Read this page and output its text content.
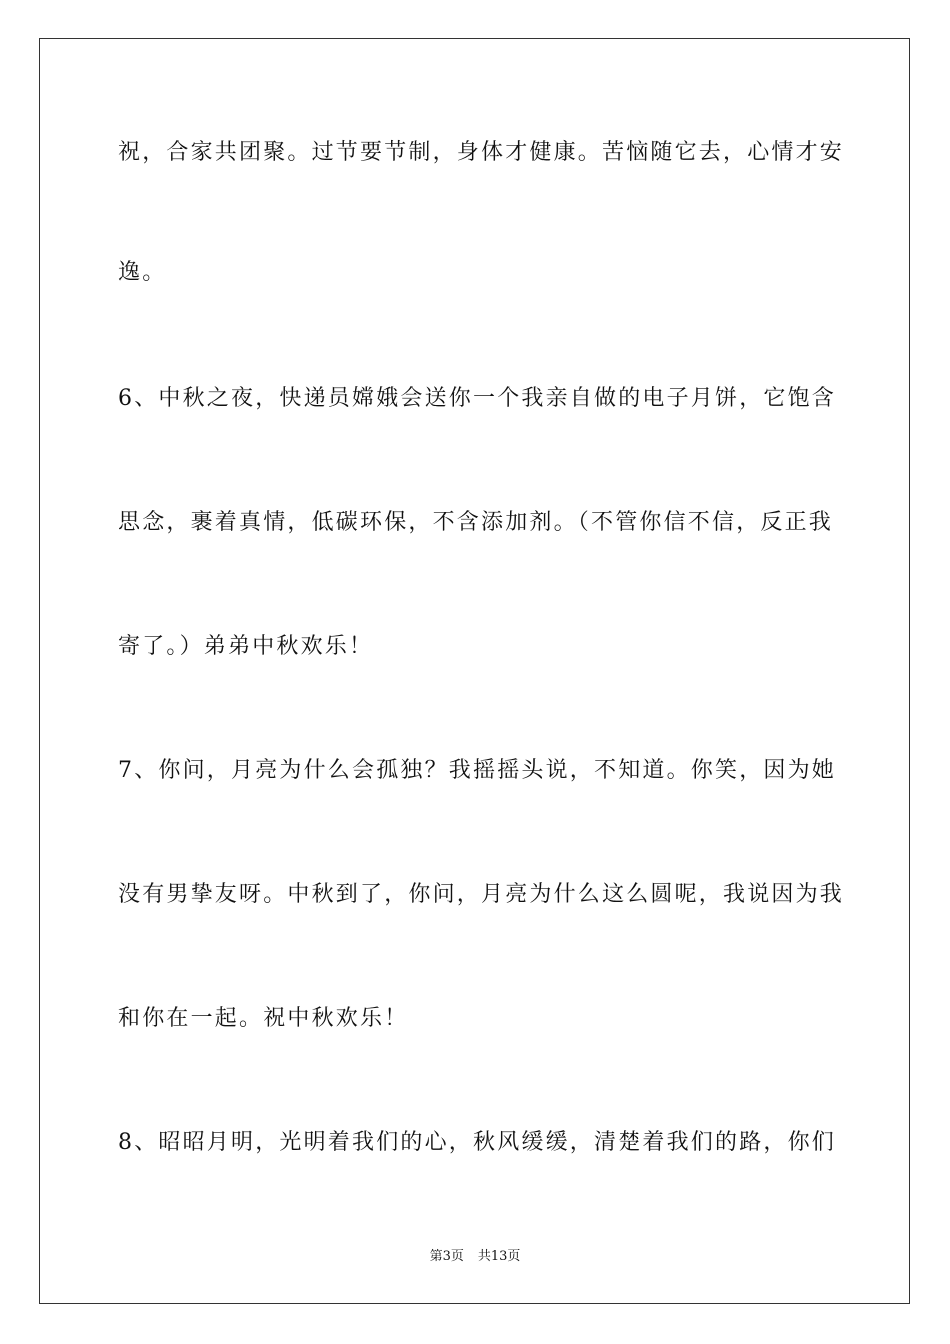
祝，合家共团聚。过节要节制，身体才健康。苦恼随它去，心情才安
逸。
6、中秋之夜，快递员嫦娥会送你一个我亲自做的电子月饼，它饱含
思念，裹着真情，低碳环保，不含添加剂。（不管你信不信，反正我
寄了。）弟弟中秋欢乐！
7、你问，月亮为什么会孤独？我摇摇头说，不知道。你笑，因为她
没有男挚友呀。中秋到了，你问，月亮为什么这么圆呢，我说因为我
和你在一起。祝中秋欢乐！
8、昭昭月明，光明着我们的心，秋风缓缓，清楚着我们的路，你们
第3页 共13页
